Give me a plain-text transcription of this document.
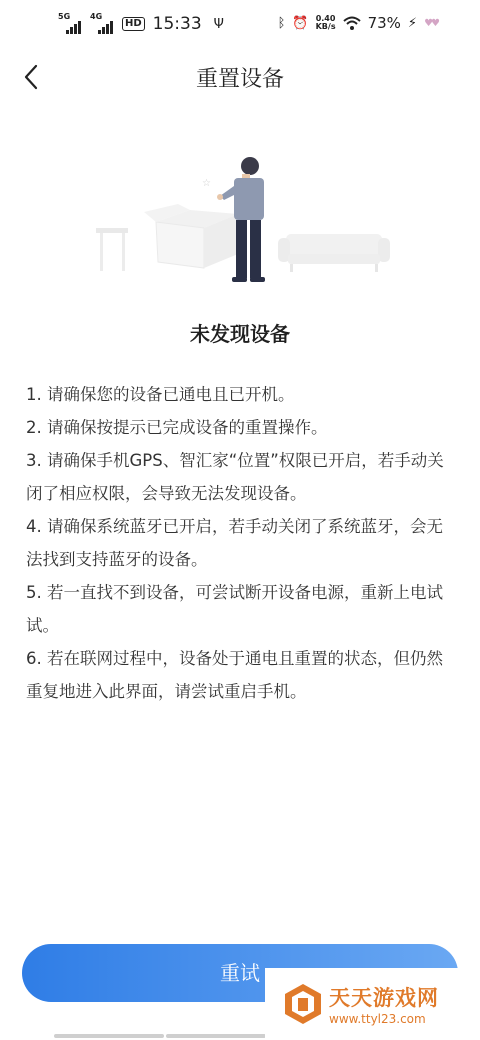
5G 4G
HD 15:33 Ψ	ᛒ ⏰ 0.40
KB/s 73% ⚡ ♥♥
重置设备
☆
未发现设备
1. 请确保您的设备已通电且已开机。
2. 请确保按提示已完成设备的重置操作。
3. 请确保手机GPS、智汇家“位置”权限已开启，若手动关闭了相应权限，会导致无法发现设备。
4. 请确保系统蓝牙已开启，若手动关闭了系统蓝牙，会无法找到支持蓝牙的设备。
5. 若一直找不到设备，可尝试断开设备电源，重新上电试试。
6. 若在联网过程中，设备处于通电且重置的状态，但仍然重复地进入此界面，请尝试重启手机。
重试
天天游戏网
www.ttyl23.com
